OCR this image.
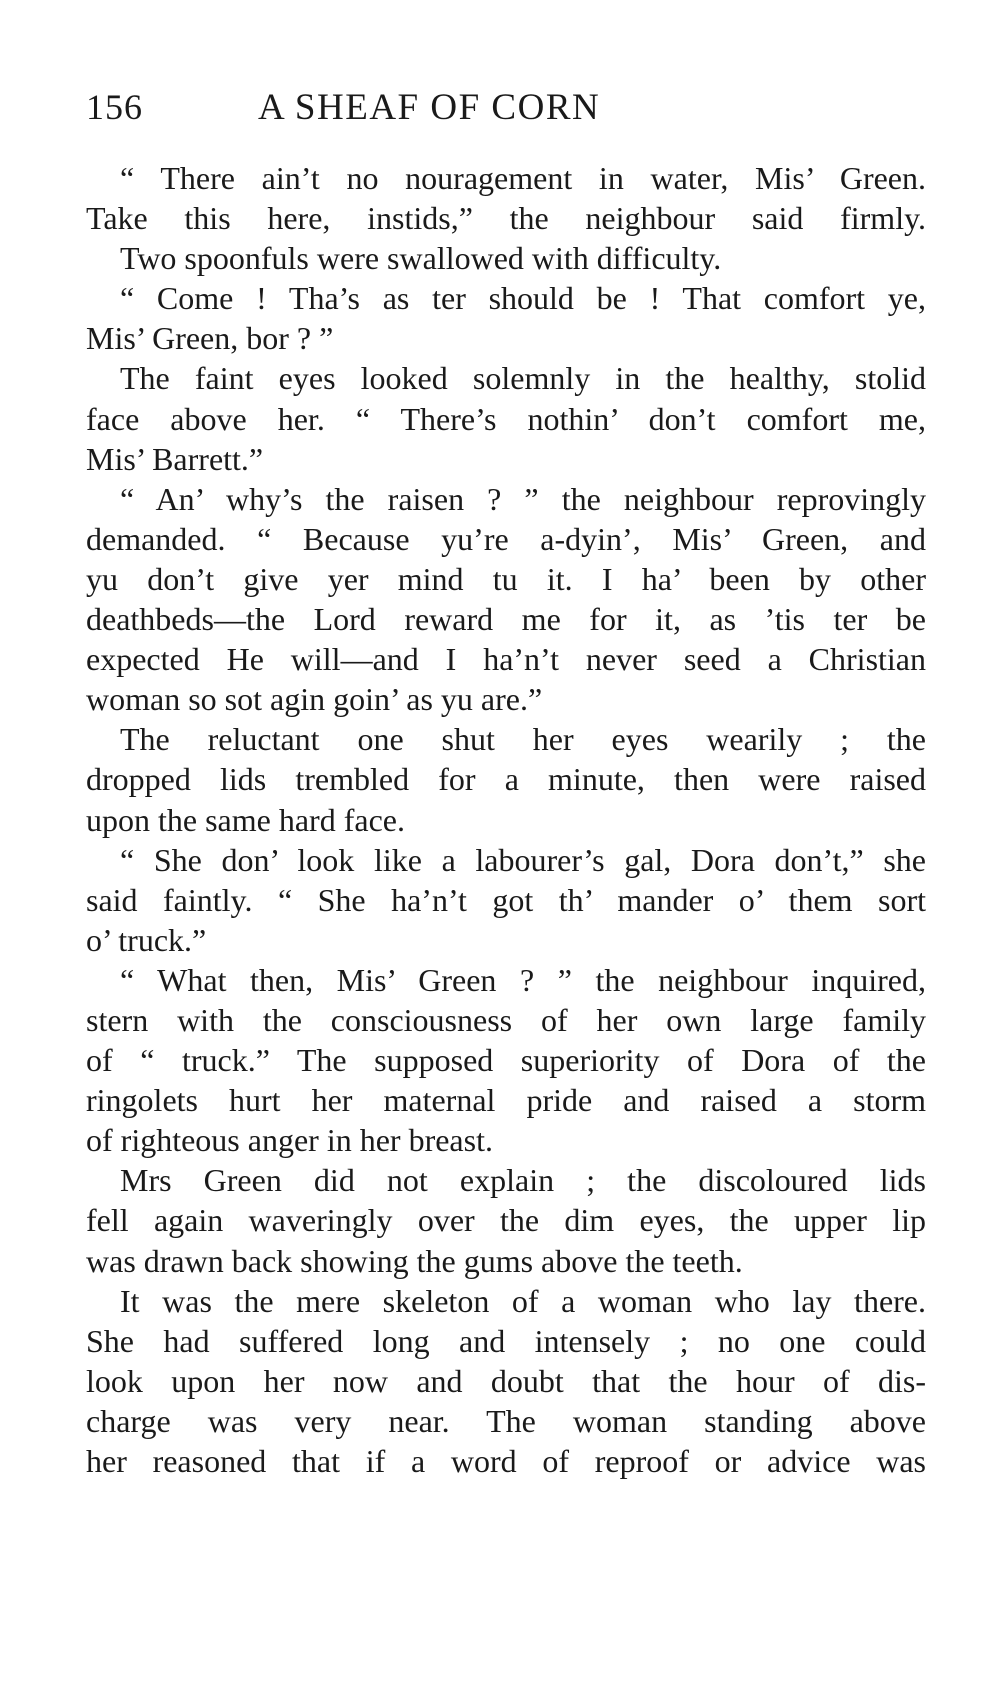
156	A SHEAF OF CORN
“ There ain’t no nouragement in water, Mis’ Green.
Take this here, instids,” the neighbour said firmly.
Two spoonfuls were swallowed with difficulty.
“ Come ! Tha’s as ter should be ! That comfort ye,
Mis’ Green, bor ? ”
The faint eyes looked solemnly in the healthy, stolid
face above her. “ There’s nothin’ don’t comfort me,
Mis’ Barrett.”
“ An’ why’s the raisen ? ” the neighbour reprovingly
demanded. “ Because yu’re a-dyin’, Mis’ Green, and
yu don’t give yer mind tu it. I ha’ been by other
deathbeds—the Lord reward me for it, as ’tis ter be
expected He will—and I ha’n’t never seed a Christian
woman so sot agin goin’ as yu are.”
The reluctant one shut her eyes wearily ; the
dropped lids trembled for a minute, then were raised
upon the same hard face.
“ She don’ look like a labourer’s gal, Dora don’t,” she
said faintly. “ She ha’n’t got th’ mander o’ them sort
o’ truck.”
“ What then, Mis’ Green ? ” the neighbour inquired,
stern with the consciousness of her own large family
of “ truck.” The supposed superiority of Dora of the
ringolets hurt her maternal pride and raised a storm
of righteous anger in her breast.
Mrs Green did not explain ; the discoloured lids
fell again waveringly over the dim eyes, the upper lip
was drawn back showing the gums above the teeth.
It was the mere skeleton of a woman who lay there.
She had suffered long and intensely ; no one could
look upon her now and doubt that the hour of dis-
charge was very near. The woman standing above
her reasoned that if a word of reproof or advice was
